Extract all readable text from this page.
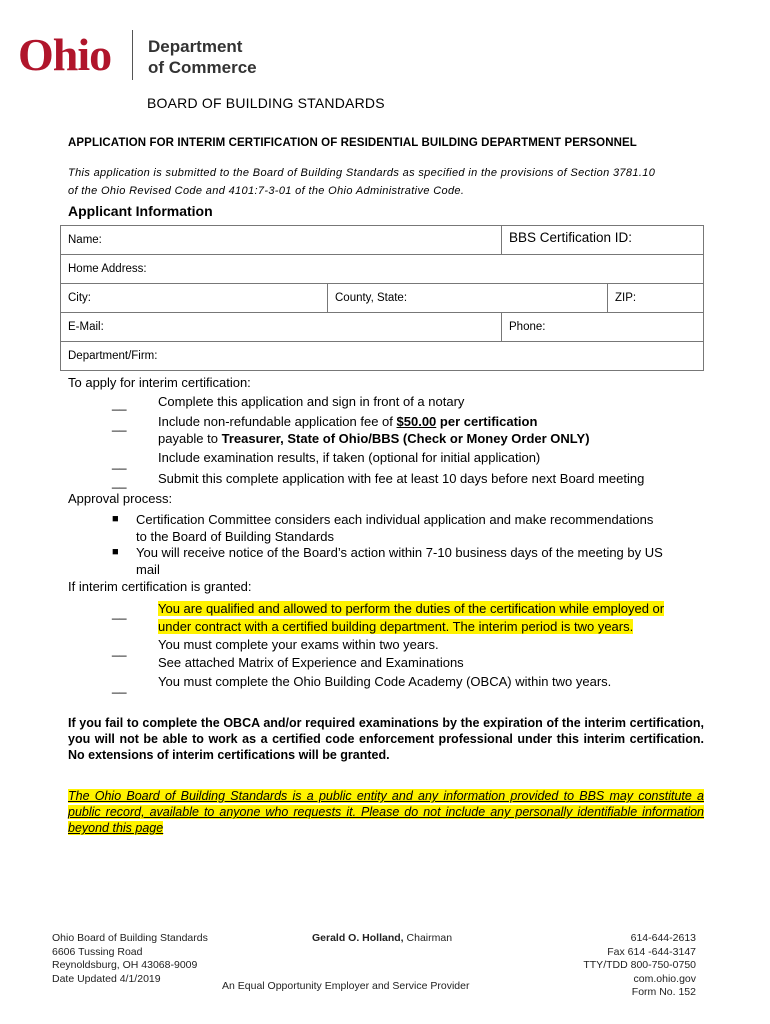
Ohio Department
of Commerce
BOARD OF BUILDING STANDARDS
APPLICATION FOR INTERIM CERTIFICATION OF RESIDENTIAL BUILDING DEPARTMENT PERSONNEL
This application is submitted to the Board of Building Standards as specified in the provisions of Section 3781.10
of the Ohio Revised Code and 4101:7-3-01 of the Ohio Administrative Code.
Applicant Information
Name:	BBS Certification ID:
Home Address:
City:	County, State:	ZIP:
E-Mail:	Phone:
Department/Firm:
To apply for interim certification:
__ Complete this application and sign in front of a notary
__ Include non-refundable application fee of $50.00 per certification
payable to Treasurer, State of Ohio/BBS (Check or Money Order ONLY)
__ Include examination results, if taken (optional for initial application)
__ Submit this complete application with fee at least 10 days before next Board meeting
Approval process:
■ Certification Committee considers each individual application and make recommendations
to the Board of Building Standards
■ You will receive notice of the Board’s action within 7-10 business days of the meeting by US
mail
If interim certification is granted:
__ You are qualified and allowed to perform the duties of the certification while employed or
under contract with a certified building department. The interim period is two years.
__ You must complete your exams within two years.
See attached Matrix of Experience and Examinations
__ You must complete the Ohio Building Code Academy (OBCA) within two years.
If you fail to complete the OBCA and/or required examinations by the expiration of the interim certification, you will not be able to work as a certified code enforcement professional under this interim certification. No extensions of interim certifications will be granted.
The Ohio Board of Building Standards is a public entity and any information provided to BBS may constitute a public record, available to anyone who requests it. Please do not include any personally identifiable information beyond this page
Ohio Board of Building Standards
6606 Tussing Road
Reynoldsburg, OH 43068-9009
Date Updated 4/1/2019
Gerald O. Holland, Chairman
An Equal Opportunity Employer and Service Provider
614-644-2613
Fax 614 -644-3147
TTY/TDD 800-750-0750
com.ohio.gov
Form No. 152
